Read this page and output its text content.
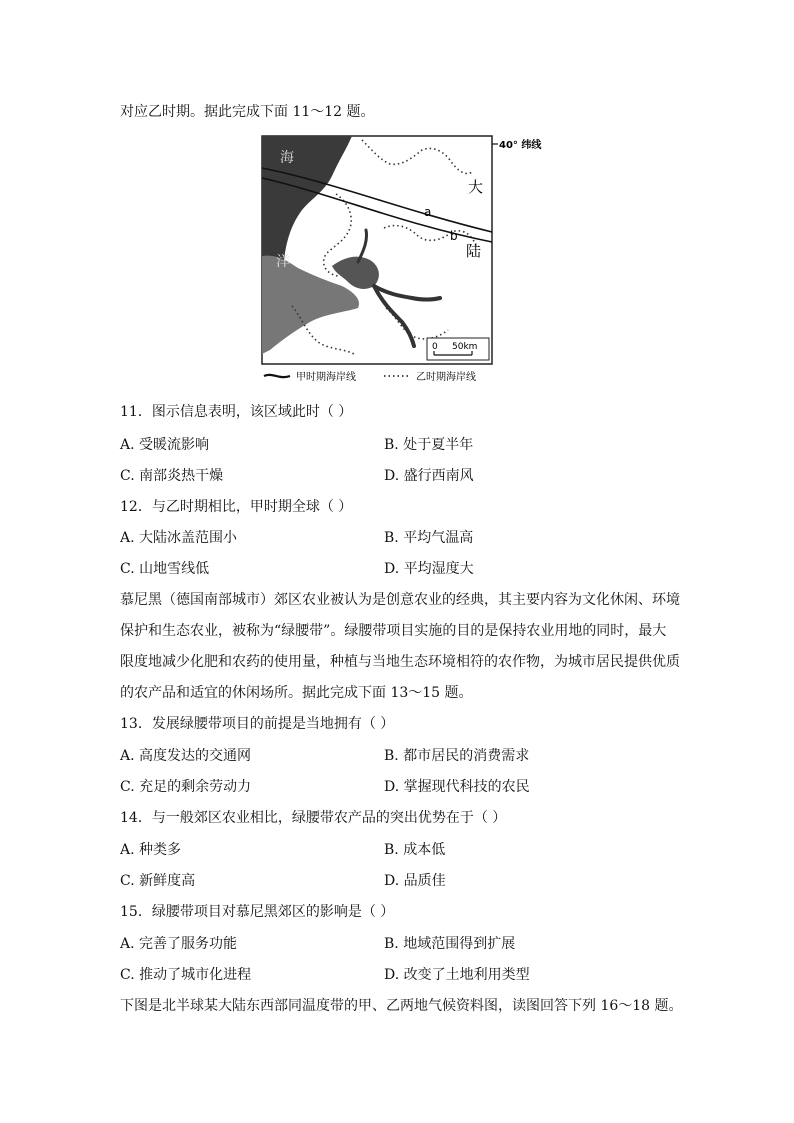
对应乙时期。据此完成下面 11～12 题。
40° 纬线
a
b
海
洋
大
陆
0 50km
甲时期海岸线	乙时期海岸线
11．图示信息表明，该区域此时（ ）
A. 受暖流影响	B. 处于夏半年
C. 南部炎热干燥	D. 盛行西南风
12．与乙时期相比，甲时期全球（ ）
A. 大陆冰盖范围小	B. 平均气温高
C. 山地雪线低	D. 平均湿度大
慕尼黑（德国南部城市）郊区农业被认为是创意农业的经典，其主要内容为文化休闲、环境
保护和生态农业，被称为“绿腰带”。绿腰带项目实施的目的是保持农业用地的同时，最大
限度地减少化肥和农药的使用量，种植与当地生态环境相符的农作物，为城市居民提供优质
的农产品和适宜的休闲场所。据此完成下面 13～15 题。
13．发展绿腰带项目的前提是当地拥有（ ）
A. 高度发达的交通网	B. 都市居民的消费需求
C. 充足的剩余劳动力	D. 掌握现代科技的农民
14．与一般郊区农业相比，绿腰带农产品的突出优势在于（ ）
A. 种类多	B. 成本低
C. 新鲜度高	D. 品质佳
15．绿腰带项目对慕尼黑郊区的影响是（ ）
A. 完善了服务功能	B. 地域范围得到扩展
C. 推动了城市化进程	D. 改变了土地利用类型
下图是北半球某大陆东西部同温度带的甲、乙两地气候资料图，读图回答下列 16～18 题。
